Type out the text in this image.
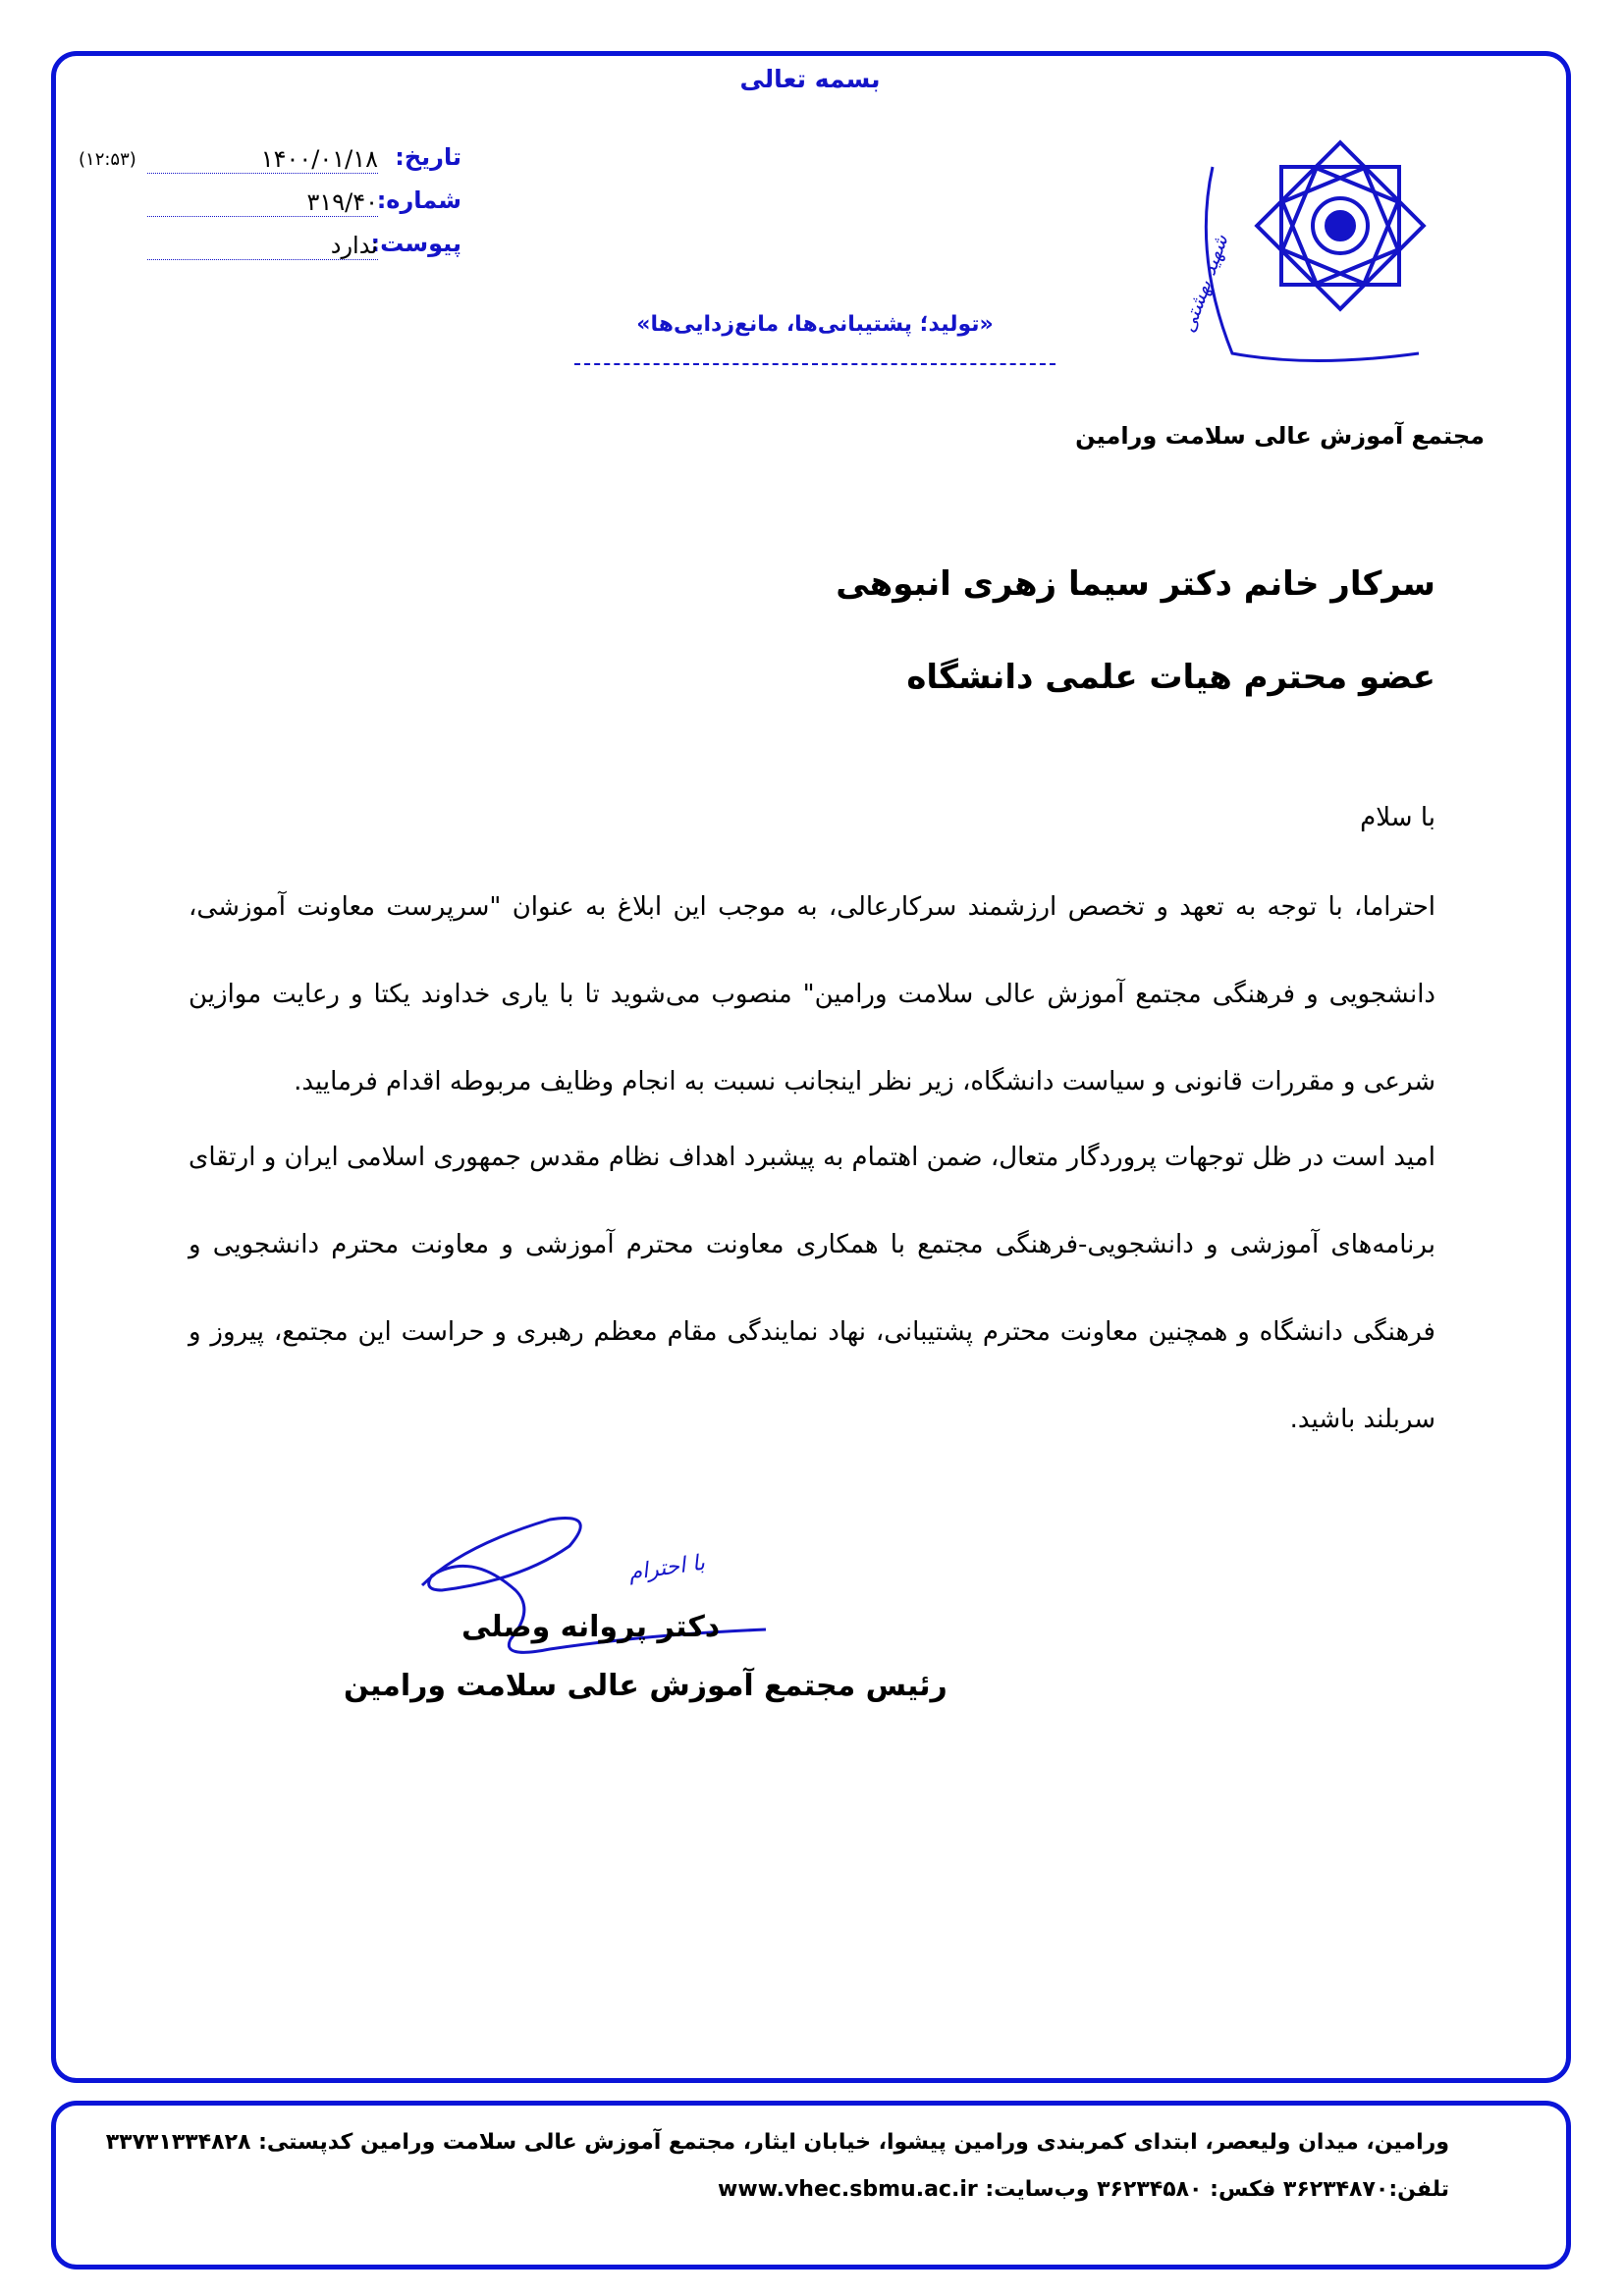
بسمه تعالی
تاریخ:
۱۴۰۰/۰۱/۱۸
(۱۲:۵۳)
شماره:
۳۱۹/۴۰
پیوست:
ندارد
«تولید؛ پشتیبانی‌ها، مانع‌زدایی‌ها»	شهید بهشتی
مجتمع آموزش عالی سلامت ورامین
سرکار خانم دکتر سیما زهری انبوهی
عضو محترم هیات علمی دانشگاه
با سلام
احتراما، با توجه به تعهد و تخصص ارزشمند سرکارعالی، به موجب این ابلاغ به عنوان "سرپرست معاونت آموزشی، دانشجویی و فرهنگی مجتمع آموزش عالی سلامت ورامین" منصوب می‌شوید تا با یاری خداوند یکتا و رعایت موازین شرعی و مقررات قانونی و سیاست دانشگاه، زیر نظر اینجانب نسبت به انجام وظایف مربوطه اقدام فرمایید.
امید است در ظل توجهات پروردگار متعال، ضمن اهتمام به پیشبرد اهداف نظام مقدس جمهوری اسلامی ایران و ارتقای برنامه‌های آموزشی و دانشجویی-فرهنگی مجتمع با همکاری معاونت محترم آموزشی و معاونت محترم دانشجویی و فرهنگی دانشگاه و همچنین معاونت محترم پشتیبانی، نهاد نمایندگی مقام معظم رهبری و حراست این مجتمع، پیروز و سربلند باشید.
با احترام
دکتر پروانه وصلی
رئیس مجتمع آموزش عالی سلامت ورامین
ورامین، میدان ولیعصر، ابتدای کمربندی ورامین پیشوا، خیابان ایثار، مجتمع آموزش عالی سلامت ورامین کدپستی: ۳۳۷۳۱۳۳۴۸۲۸
تلفن:۳۶۲۳۴۸۷۰ فکس: ۳۶۲۳۴۵۸۰ وب‌سایت: www.vhec.sbmu.ac.ir
